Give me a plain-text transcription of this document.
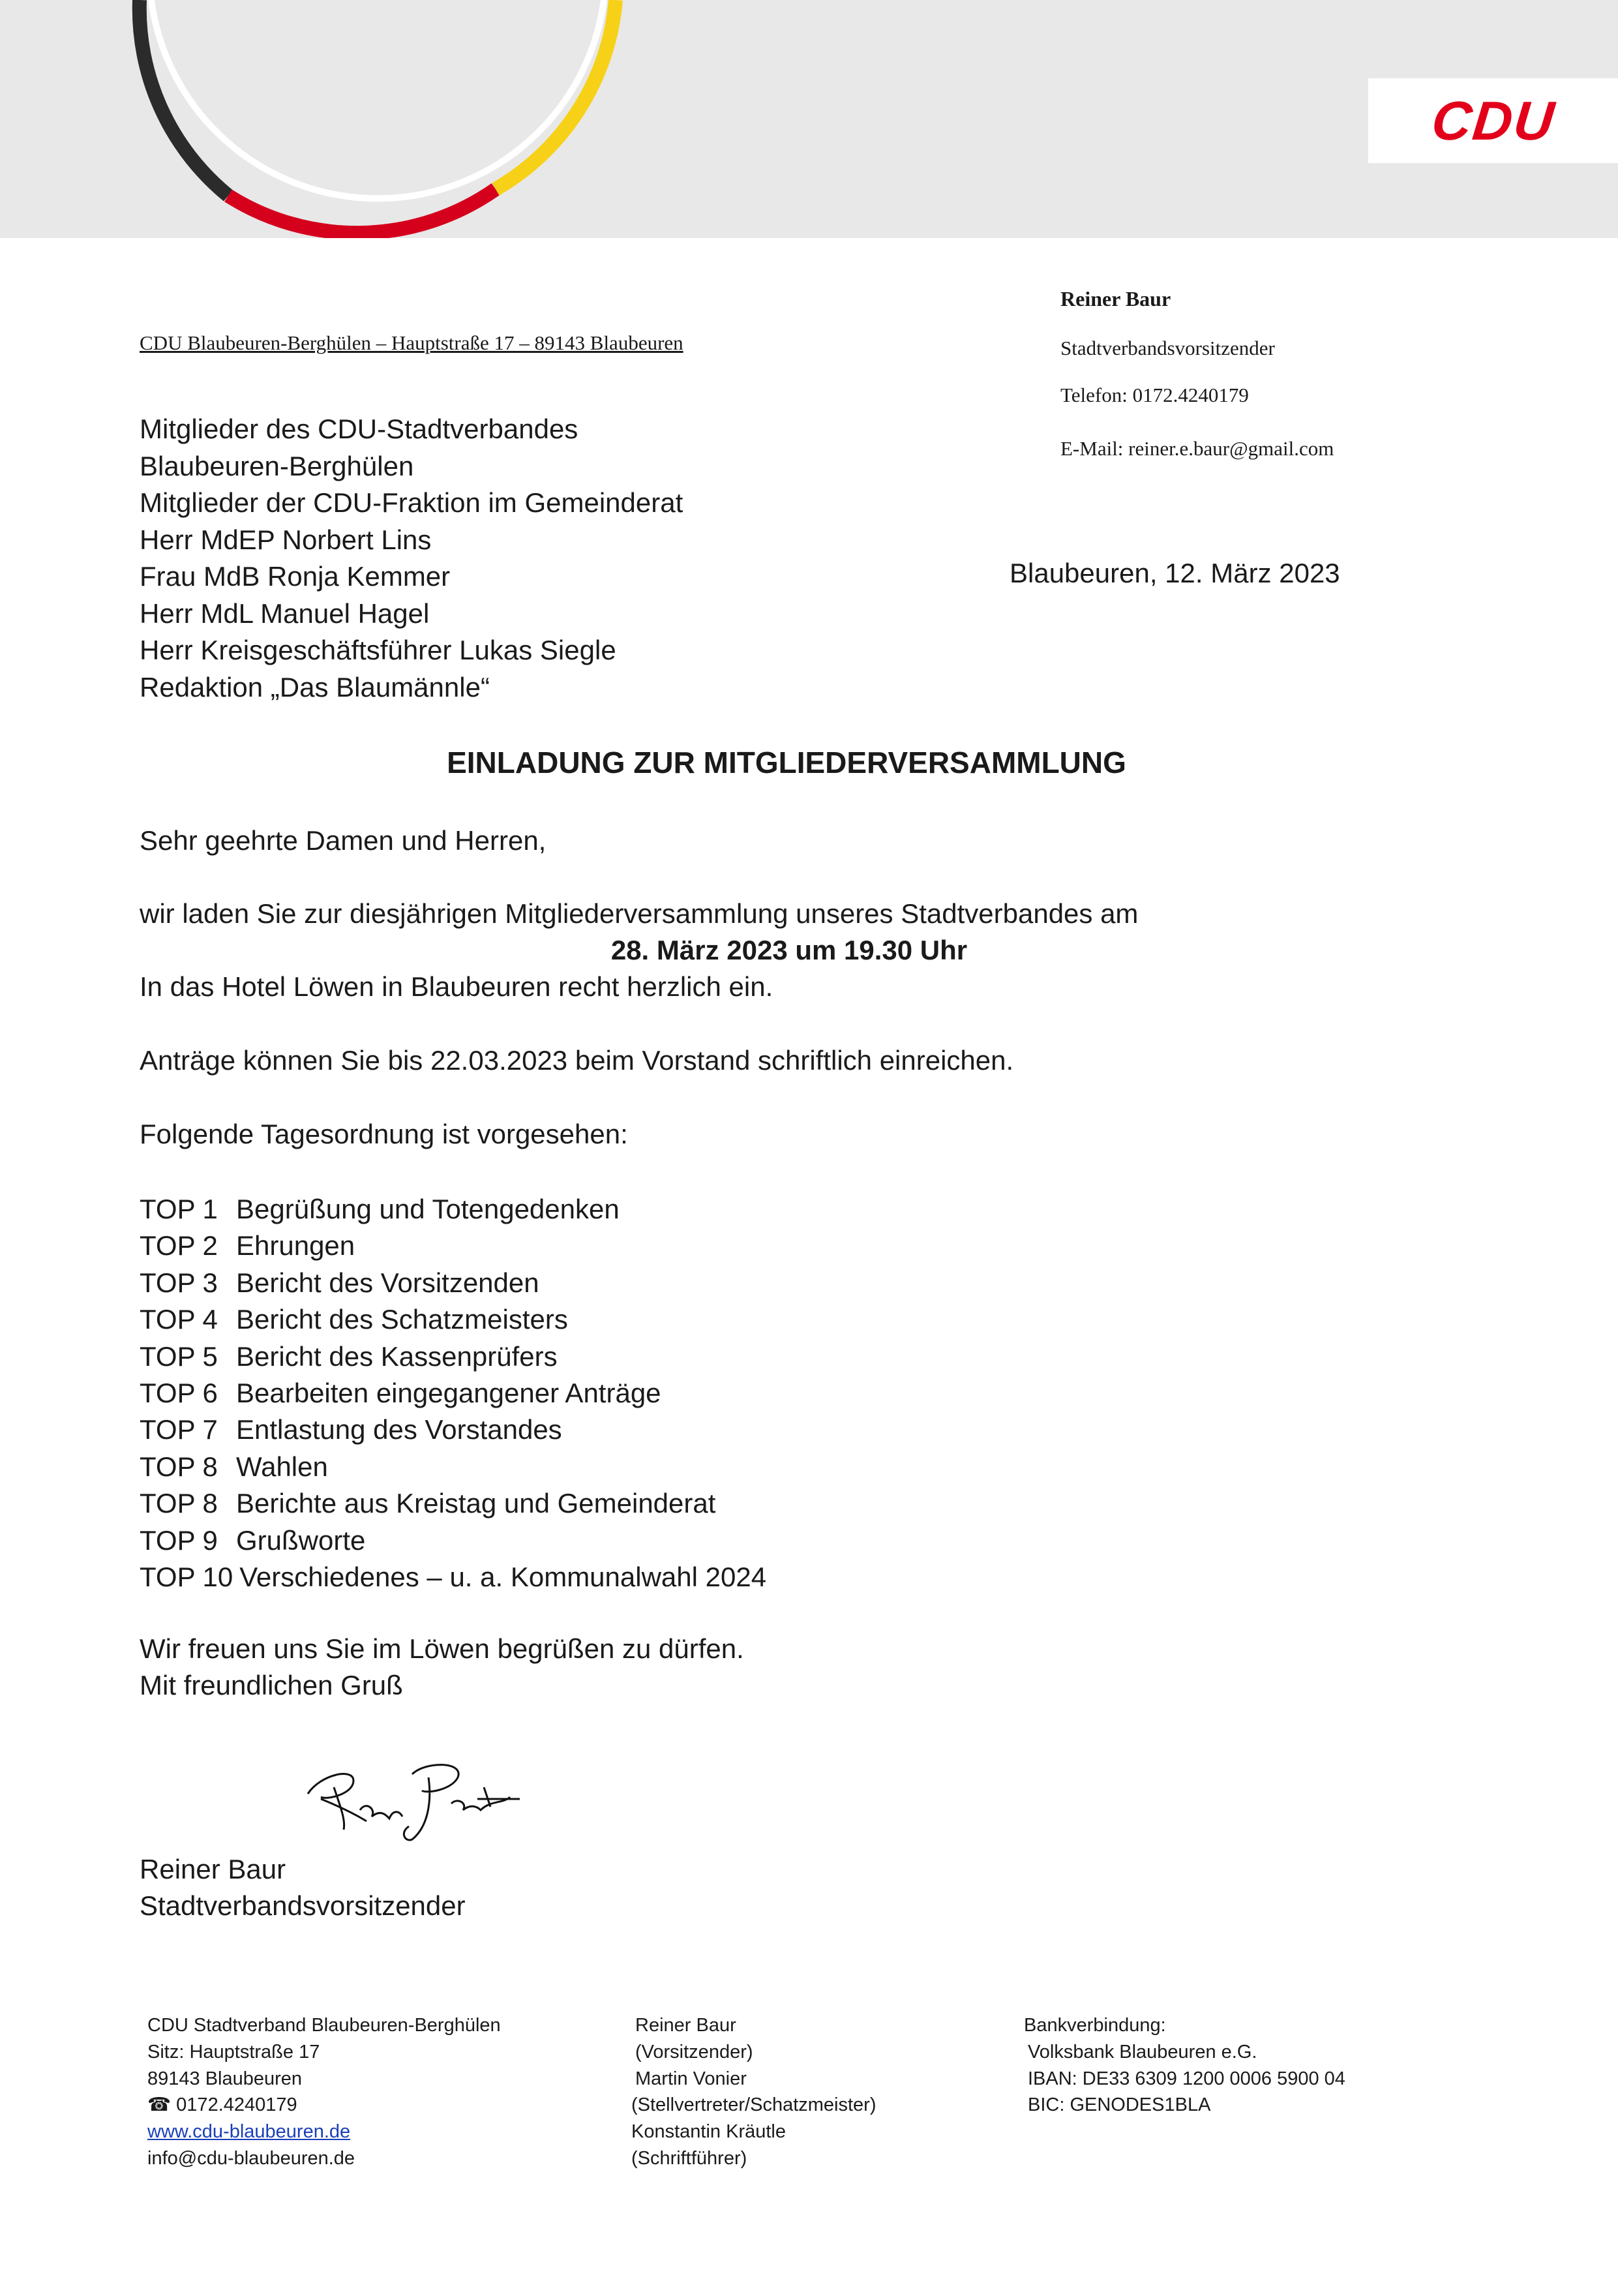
CDU
CDU Blaubeuren-Berghülen – Hauptstraße 17 – 89143 Blaubeuren
Reiner Baur
Stadtverbandsvorsitzender
Telefon: 0172.4240179
E-Mail: reiner.e.baur@gmail.com
Mitglieder des CDU-Stadtverbandes
Blaubeuren-Berghülen
Mitglieder der CDU-Fraktion im Gemeinderat
Herr MdEP Norbert Lins
Frau MdB Ronja Kemmer
Herr MdL Manuel Hagel
Herr Kreisgeschäftsführer Lukas Siegle
Redaktion „Das Blaumännle“
Blaubeuren, 12. März 2023
EINLADUNG ZUR MITGLIEDERVERSAMMLUNG
Sehr geehrte Damen und Herren,
wir laden Sie zur diesjährigen Mitgliederversammlung unseres Stadtverbandes am
28. März 2023 um 19.30 Uhr
In das Hotel Löwen in Blaubeuren recht herzlich ein.
Anträge können Sie bis 22.03.2023 beim Vorstand schriftlich einreichen.
Folgende Tagesordnung ist vorgesehen:
TOP 1 Begrüßung und Totengedenken
TOP 2 Ehrungen
TOP 3 Bericht des Vorsitzenden
TOP 4 Bericht des Schatzmeisters
TOP 5 Bericht des Kassenprüfers
TOP 6 Bearbeiten eingegangener Anträge
TOP 7 Entlastung des Vorstandes
TOP 8 Wahlen
TOP 8 Berichte aus Kreistag und Gemeinderat
TOP 9 Grußworte
TOP 10 Verschiedenes – u. a. Kommunalwahl 2024
Wir freuen uns Sie im Löwen begrüßen zu dürfen.
Mit freundlichen Gruß
Reiner Baur
Stadtverbandsvorsitzender
CDU Stadtverband Blaubeuren-Berghülen
Sitz: Hauptstraße 17
89143 Blaubeuren
☎ 0172.4240179
www.cdu-blaubeuren.de
info@cdu-blaubeuren.de
Reiner Baur
(Vorsitzender)
Martin Vonier
(Stellvertreter/Schatzmeister)
Konstantin Kräutle
(Schriftführer)
Bankverbindung:
Volksbank Blaubeuren e.G.
IBAN: DE33 6309 1200 0006 5900 04
BIC: GENODES1BLA
